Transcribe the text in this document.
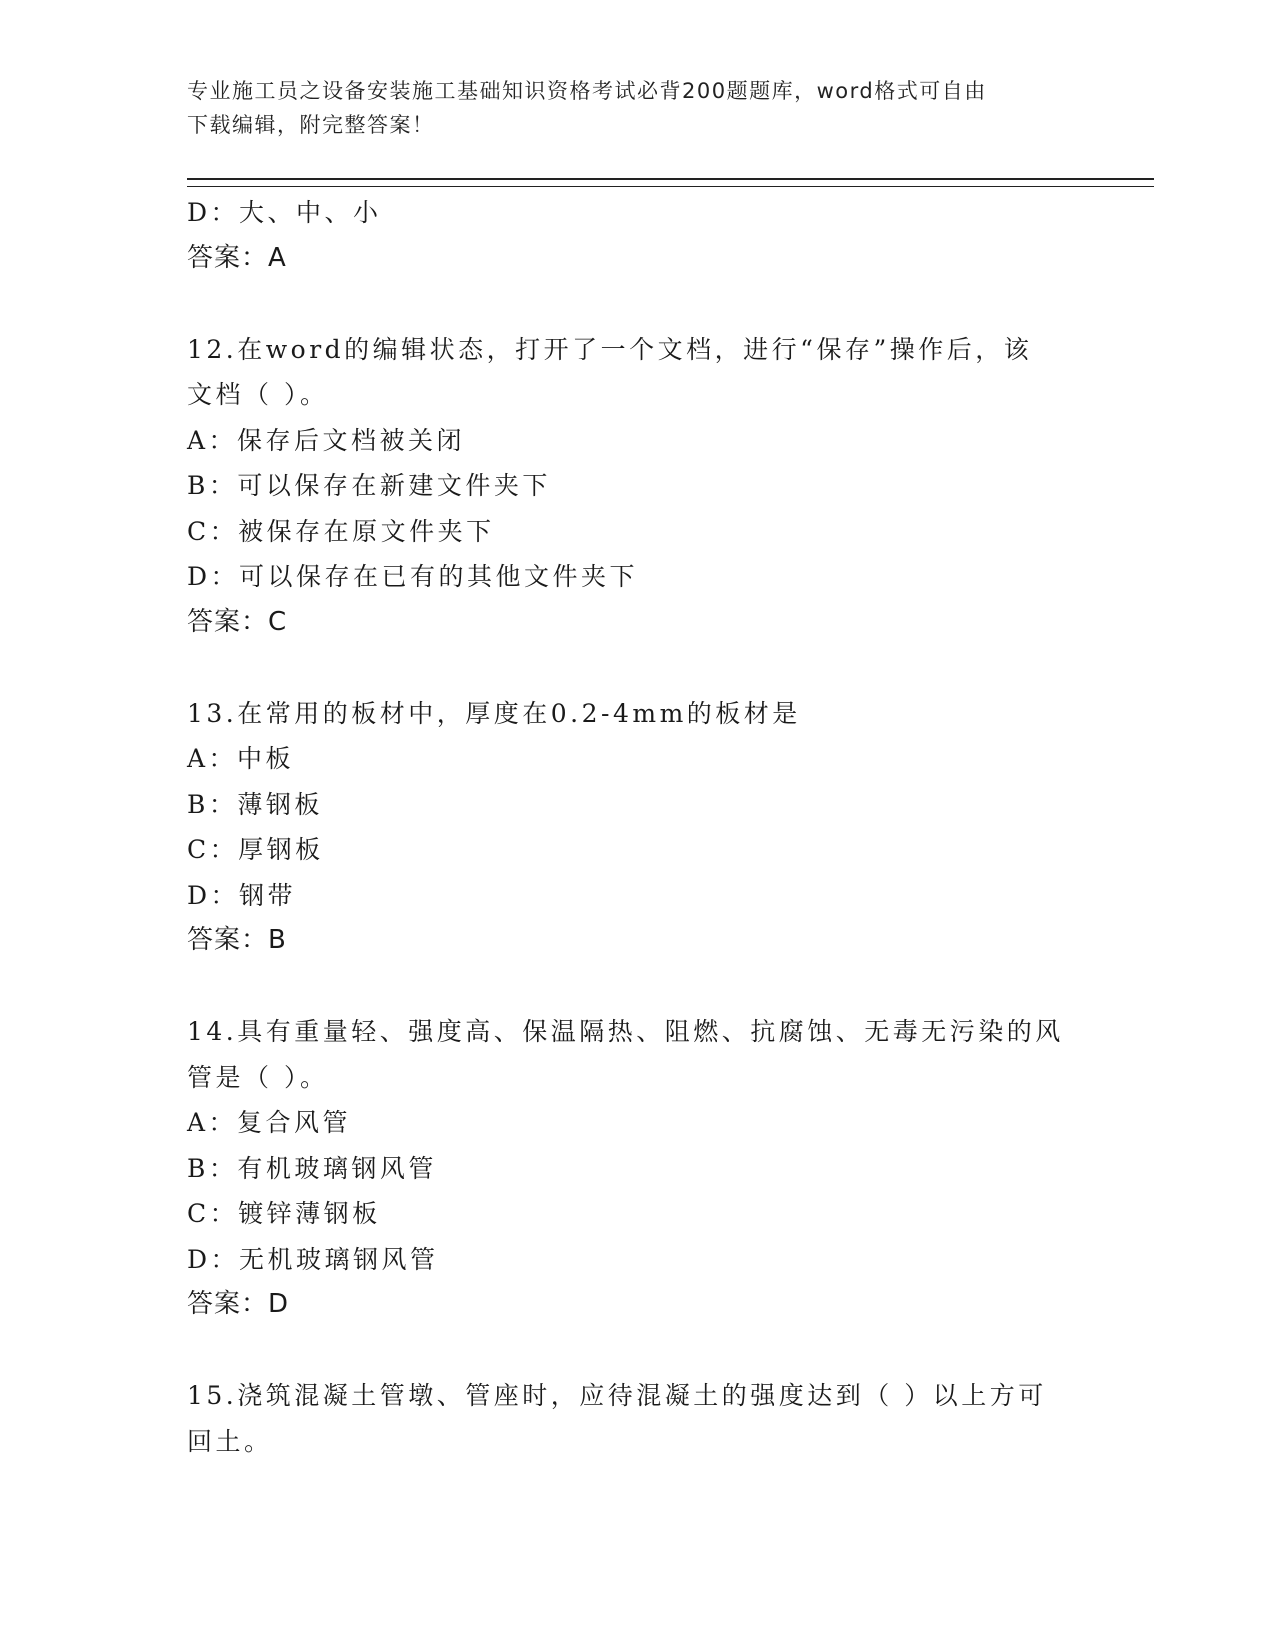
专业施工员之设备安装施工基础知识资格考试必背200题题库，word格式可自由
下载编辑，附完整答案！
D：大、中、小
答案：A
12.在word的编辑状态，打开了一个文档，进行“保存”操作后，该
文档（ ）。
A：保存后文档被关闭
B：可以保存在新建文件夹下
C：被保存在原文件夹下
D：可以保存在已有的其他文件夹下
答案：C
13.在常用的板材中，厚度在0.2-4mm的板材是
A：中板
B：薄钢板
C：厚钢板
D：钢带
答案：B
14.具有重量轻、强度高、保温隔热、阻燃、抗腐蚀、无毒无污染的风
管是（ ）。
A：复合风管
B：有机玻璃钢风管
C：镀锌薄钢板
D：无机玻璃钢风管
答案：D
15.浇筑混凝土管墩、管座时，应待混凝土的强度达到（ ）以上方可
回土。
